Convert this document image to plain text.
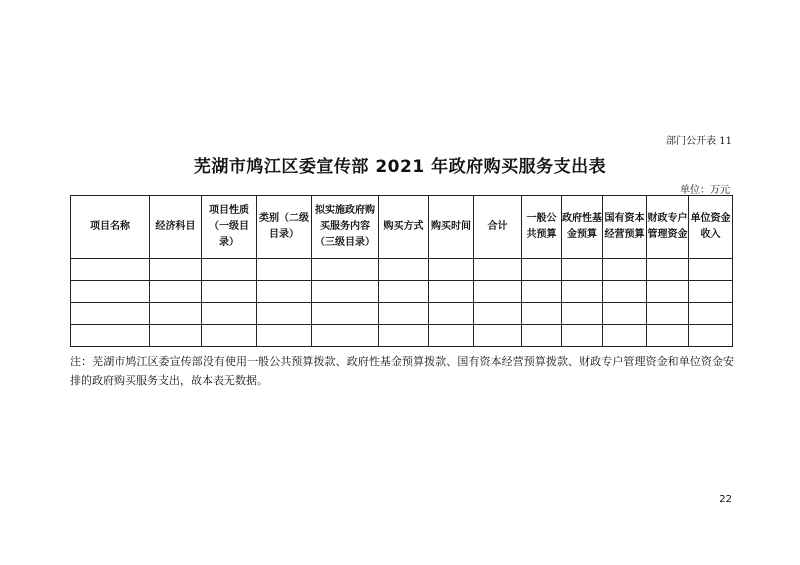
部门公开表 11
芜湖市鸠江区委宣传部 2021 年政府购买服务支出表
单位：万元
项目名称	经济科目	项目性质（一级目录）	类别（二级目录）	拟实施政府购买服务内容（三级目录）	购买方式	购买时间	合计	一般公共预算	政府性基金预算	国有资本经营预算	财政专户管理资金	单位资金收入

注：芜湖市鸠江区委宣传部没有使用一般公共预算拨款、政府性基金预算拨款、国有资本经营预算拨款、财政专户管理资金和单位资金安排的政府购买服务支出，故本表无数据。
22
